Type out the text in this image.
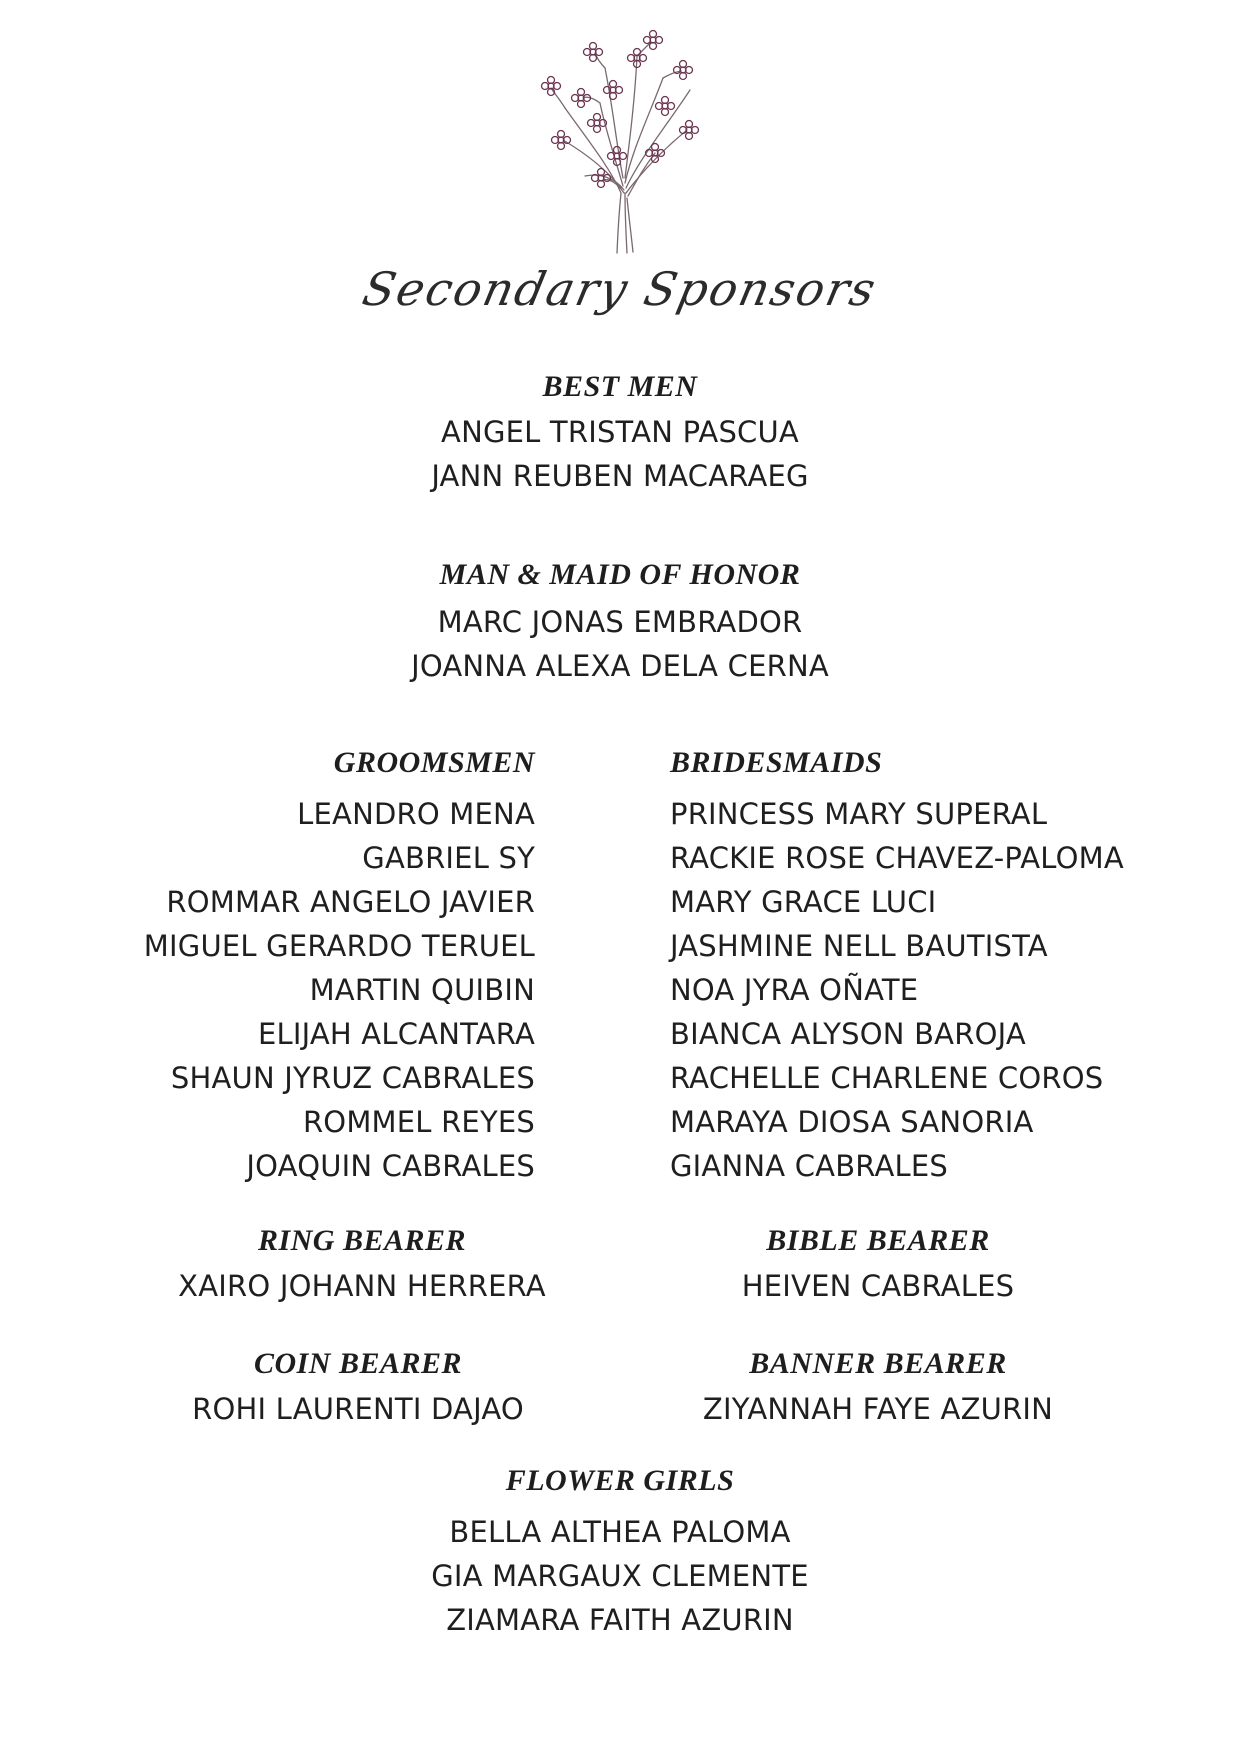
Secondary Sponsors
BEST MEN
ANGEL TRISTAN PASCUA
JANN REUBEN MACARAEG
MAN & MAID OF HONOR
MARC JONAS EMBRADOR
JOANNA ALEXA DELA CERNA
GROOMSMEN
LEANDRO MENA
GABRIEL SY
ROMMAR ANGELO JAVIER
MIGUEL GERARDO TERUEL
MARTIN QUIBIN
ELIJAH ALCANTARA
SHAUN JYRUZ CABRALES
ROMMEL REYES
JOAQUIN CABRALES
BRIDESMAIDS
PRINCESS MARY SUPERAL
RACKIE ROSE CHAVEZ-PALOMA
MARY GRACE LUCI
JASHMINE NELL BAUTISTA
NOA JYRA OÑATE
BIANCA ALYSON BAROJA
RACHELLE CHARLENE COROS
MARAYA DIOSA SANORIA
GIANNA CABRALES
RING BEARER
XAIRO JOHANN HERRERA
BIBLE BEARER
HEIVEN CABRALES
COIN BEARER
ROHI LAURENTI DAJAO
BANNER BEARER
ZIYANNAH FAYE AZURIN
FLOWER GIRLS
BELLA ALTHEA PALOMA
GIA MARGAUX CLEMENTE
ZIAMARA FAITH AZURIN
